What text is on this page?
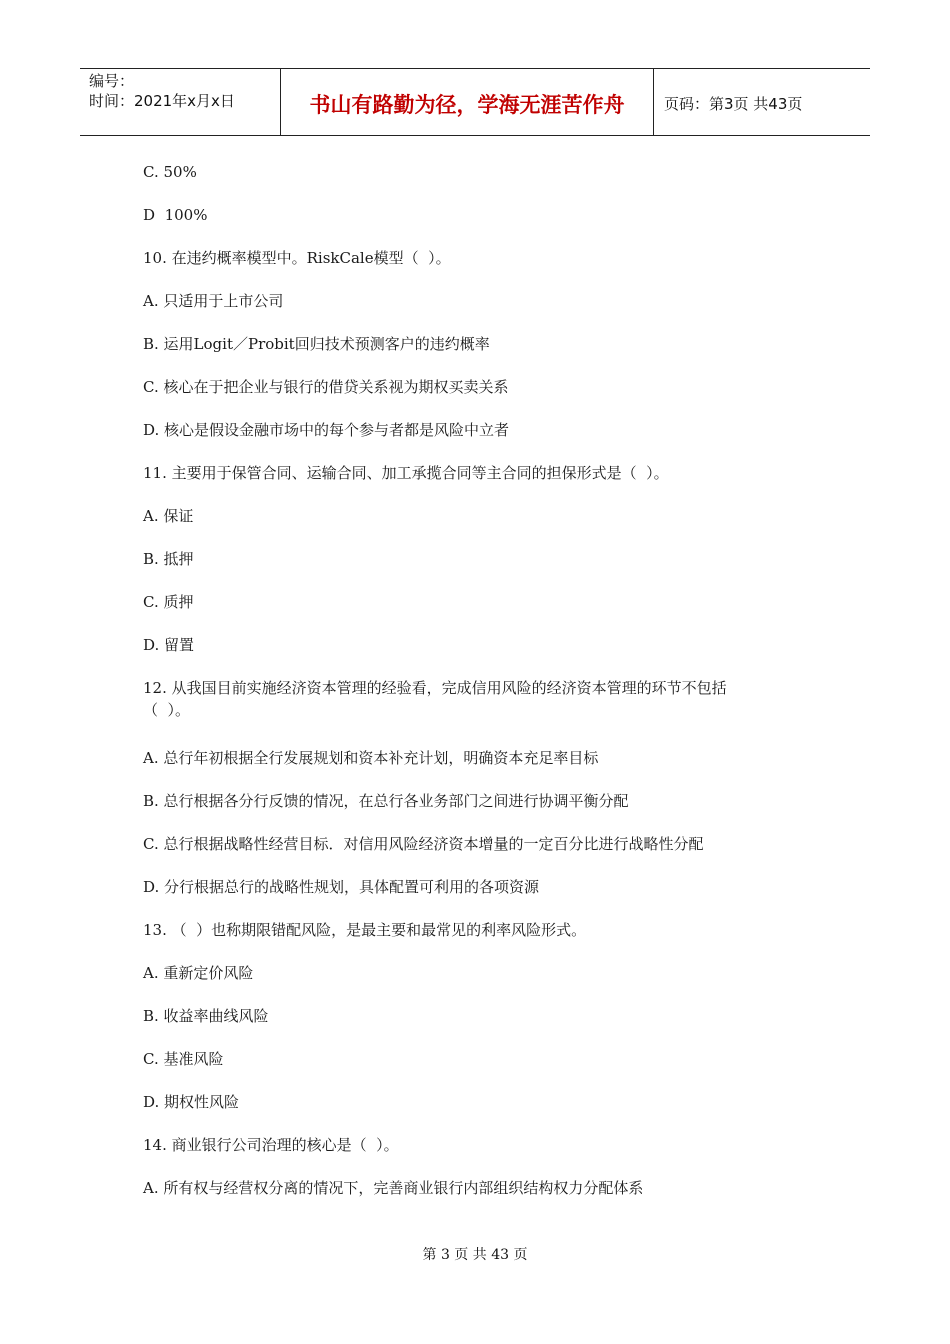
编号：
时间：2021年x月x日	书山有路勤为径，学海无涯苦作舟	页码：第3页 共43页
C. 50%
D  100%
10. 在违约概率模型中。RiskCale模型（  ）。
A. 只适用于上市公司
B. 运用Logit／Probit回归技术预测客户的违约概率
C. 核心在于把企业与银行的借贷关系视为期权买卖关系
D. 核心是假设金融市场中的每个参与者都是风险中立者
11. 主要用于保管合同、运输合同、加工承揽合同等主合同的担保形式是（  ）。
A. 保证
B. 抵押
C. 质押
D. 留置
12. 从我国目前实施经济资本管理的经验看，完成信用风险的经济资本管理的环节不包括
（  ）。
A. 总行年初根据全行发展规划和资本补充计划，明确资本充足率目标
B. 总行根据各分行反馈的情况，在总行各业务部门之间进行协调平衡分配
C. 总行根据战略性经营目标．对信用风险经济资本增量的一定百分比进行战略性分配
D. 分行根据总行的战略性规划，具体配置可利用的各项资源
13. （  ）也称期限错配风险，是最主要和最常见的利率风险形式。
A. 重新定价风险
B. 收益率曲线风险
C. 基准风险
D. 期权性风险
14. 商业银行公司治理的核心是（  ）。
A. 所有权与经营权分离的情况下，完善商业银行内部组织结构权力分配体系
第 3 页 共 43 页
